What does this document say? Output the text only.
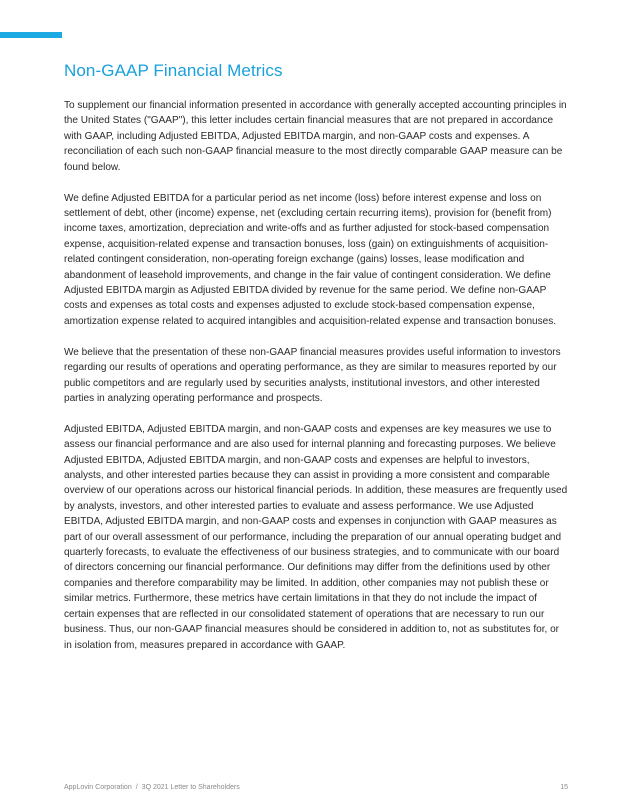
Non-GAAP Financial Metrics

To supplement our financial information presented in accordance with generally accepted accounting principles in the United States ("GAAP"), this letter includes certain financial measures that are not prepared in accordance with GAAP, including Adjusted EBITDA, Adjusted EBITDA margin, and non-GAAP costs and expenses. A reconciliation of each such non-GAAP financial measure to the most directly comparable GAAP measure can be found below.

We define Adjusted EBITDA for a particular period as net income (loss) before interest expense and loss on settlement of debt, other (income) expense, net (excluding certain recurring items), provision for (benefit from) income taxes, amortization, depreciation and write-offs and as further adjusted for stock-based compensation expense, acquisition-related expense and transaction bonuses, loss (gain) on extinguishments of acquisition-related contingent consideration, non-operating foreign exchange (gains) losses, lease modification and abandonment of leasehold improvements, and change in the fair value of contingent consideration. We define Adjusted EBITDA margin as Adjusted EBITDA divided by revenue for the same period. We define non-GAAP costs and expenses as total costs and expenses adjusted to exclude stock-based compensation expense, amortization expense related to acquired intangibles and acquisition-related expense and transaction bonuses.

We believe that the presentation of these non-GAAP financial measures provides useful information to investors regarding our results of operations and operating performance, as they are similar to measures reported by our public competitors and are regularly used by securities analysts, institutional investors, and other interested parties in analyzing operating performance and prospects.

Adjusted EBITDA, Adjusted EBITDA margin, and non-GAAP costs and expenses are key measures we use to assess our financial performance and are also used for internal planning and forecasting purposes. We believe Adjusted EBITDA, Adjusted EBITDA margin, and non-GAAP costs and expenses are helpful to investors, analysts, and other interested parties because they can assist in providing a more consistent and comparable overview of our operations across our historical financial periods. In addition, these measures are frequently used by analysts, investors, and other interested parties to evaluate and assess performance. We use Adjusted EBITDA, Adjusted EBITDA margin, and non-GAAP costs and expenses in conjunction with GAAP measures as part of our overall assessment of our performance, including the preparation of our annual operating budget and quarterly forecasts, to evaluate the effectiveness of our business strategies, and to communicate with our board of directors concerning our financial performance. Our definitions may differ from the definitions used by other companies and therefore comparability may be limited. In addition, other companies may not publish these or similar metrics. Furthermore, these metrics have certain limitations in that they do not include the impact of certain expenses that are reflected in our consolidated statement of operations that are necessary to run our business. Thus, our non-GAAP financial measures should be considered in addition to, not as substitutes for, or in isolation from, measures prepared in accordance with GAAP.

AppLovin Corporation / 3Q 2021 Letter to Shareholders	15
